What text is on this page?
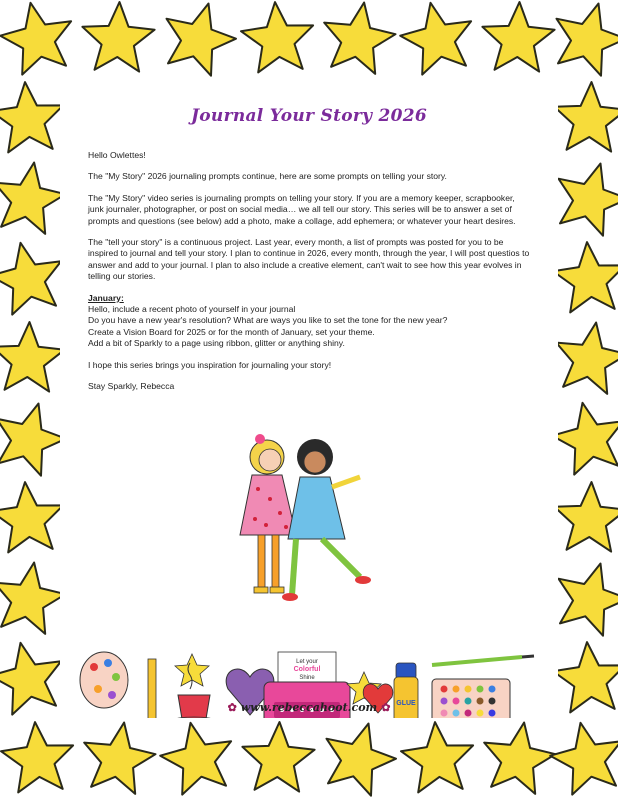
Journal Your Story 2026

Hello Owlettes!

The "My Story" 2026 journaling prompts continue, here are some prompts on telling your story.

The "My Story" video series is journaling prompts on telling your story. If you are a memory keeper, scrapbooker, junk journaler, photographer, or post on social media… we all tell our story. This series will be to answer a set of prompts and questions (see below) add a photo, make a collage, add ephemera; or whatever your heart desires.

The "tell your story" is a continuous project. Last year, every month, a list of prompts was posted for you to be inspired to journal and tell your story. I plan to continue in 2026, every month, through the year, I will post questios to answer and add to your journal. I plan to also include a creative element, can't wait to see how this year evolves in telling our stories.

January:
Hello, include a recent photo of yourself in your journal
Do you have a new year's resolution? What are ways you like to set the tone for the new year?
Create a Vision Board for 2025 or for the month of January, set your theme.
Add a bit of Sparkly to a page using ribbon, glitter or anything shiny.

I hope this series brings you inspiration for journaling your story!

Stay Sparkly, Rebecca

Let your
Colorful
Shine
GLUE
✿ www.rebeccahoot.com ✿
